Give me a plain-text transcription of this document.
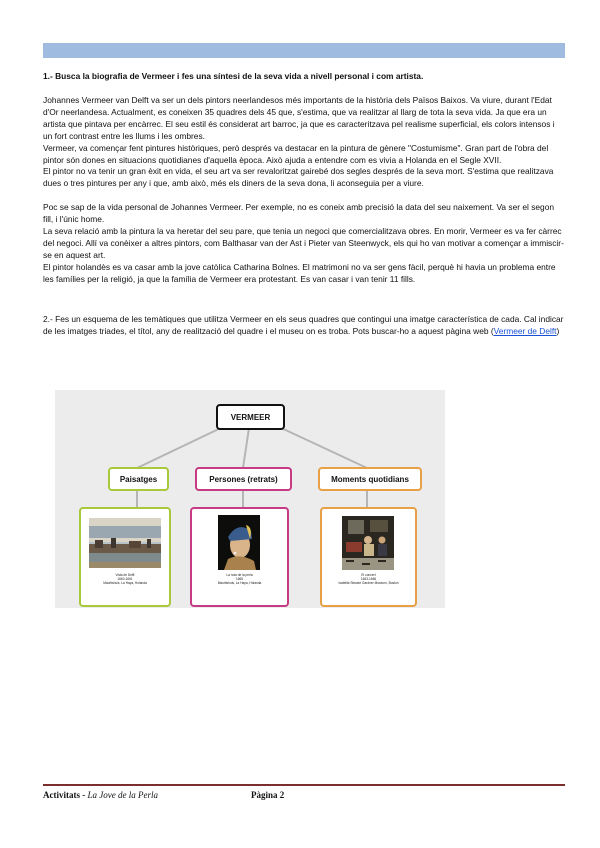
1.- Busca la biografia de Vermeer i fes una síntesi de la seva vida a nivell personal i com artista.

Johannes Vermeer van Delft va ser un dels pintors neerlandesos més importants de la història dels Països Baixos. Va viure, durant l'Edat d'Or neerlandesa. Actualment, es coneixen 35 quadres dels 45 que, s'estima, que va realitzar al llarg de tota la seva vida. Ja que era un artista que pintava per encàrrec. El seu estil és considerat art barroc, ja que es caracteritzava pel realisme superficial, els colors intensos i un fort contrast entre les llums i les ombres.

Vermeer, va començar fent pintures històriques, però després va destacar en la pintura de gènere "Costumisme". Gran part de l'obra del pintor són dones en situacions quotidianes d'aquella època. Això ajuda a entendre com es vivia a Holanda en el Segle XVII.

El pintor no va tenir un gran èxit en vida, el seu art va ser revaloritzat gairebé dos segles després de la seva mort. S'estima que realitzava dues o tres pintures per any i que, amb això, més els diners de la seva dona, li aconseguia per a viure.

Poc se sap de la vida personal de Johannes Vermeer. Per exemple, no es coneix amb precisió la data del seu naixement. Va ser el segon fill, i l'únic home.

La seva relació amb la pintura la va heretar del seu pare, que tenia un negoci que comercialitzava obres. En morir, Vermeer es va fer càrrec del negoci. Allí va conèixer a altres pintors, com Balthasar van der Ast i Pieter van Steenwyck, els qui ho van motivar a començar a immiscir-se en aquest art.

El pintor holandès es va casar amb la jove catòlica Catharina Bolnes. El matrimoni no va ser gens fàcil, perquè hi havia un problema entre les famílies per la religió, ja que la família de Vermeer era protestant. Es van casar i van tenir 11 fills.

2.- Fes un esquema de les temàtiques que utilitza Vermeer en els seus quadres que contingui una imatge característica de cada. Cal indicar de les imatges triades, el títol, any de realització del quadre i el museu on es troba. Pots buscar-ho a aquest pàgina web (Vermeer de Delft)
VERMEER
Paisatges	Persones (retrats)	Moments quotidians
Vista de Delft
1660-1661
Mauritshuis, La Haya, Holanda
La noia de la perla
1665
Mauritshuis, La Haya, Holanda
El concert
1663-1666
Isabella Stewart Gardner Museum, Boston
Activitats - La Jove de la Perla	Pàgina 2
